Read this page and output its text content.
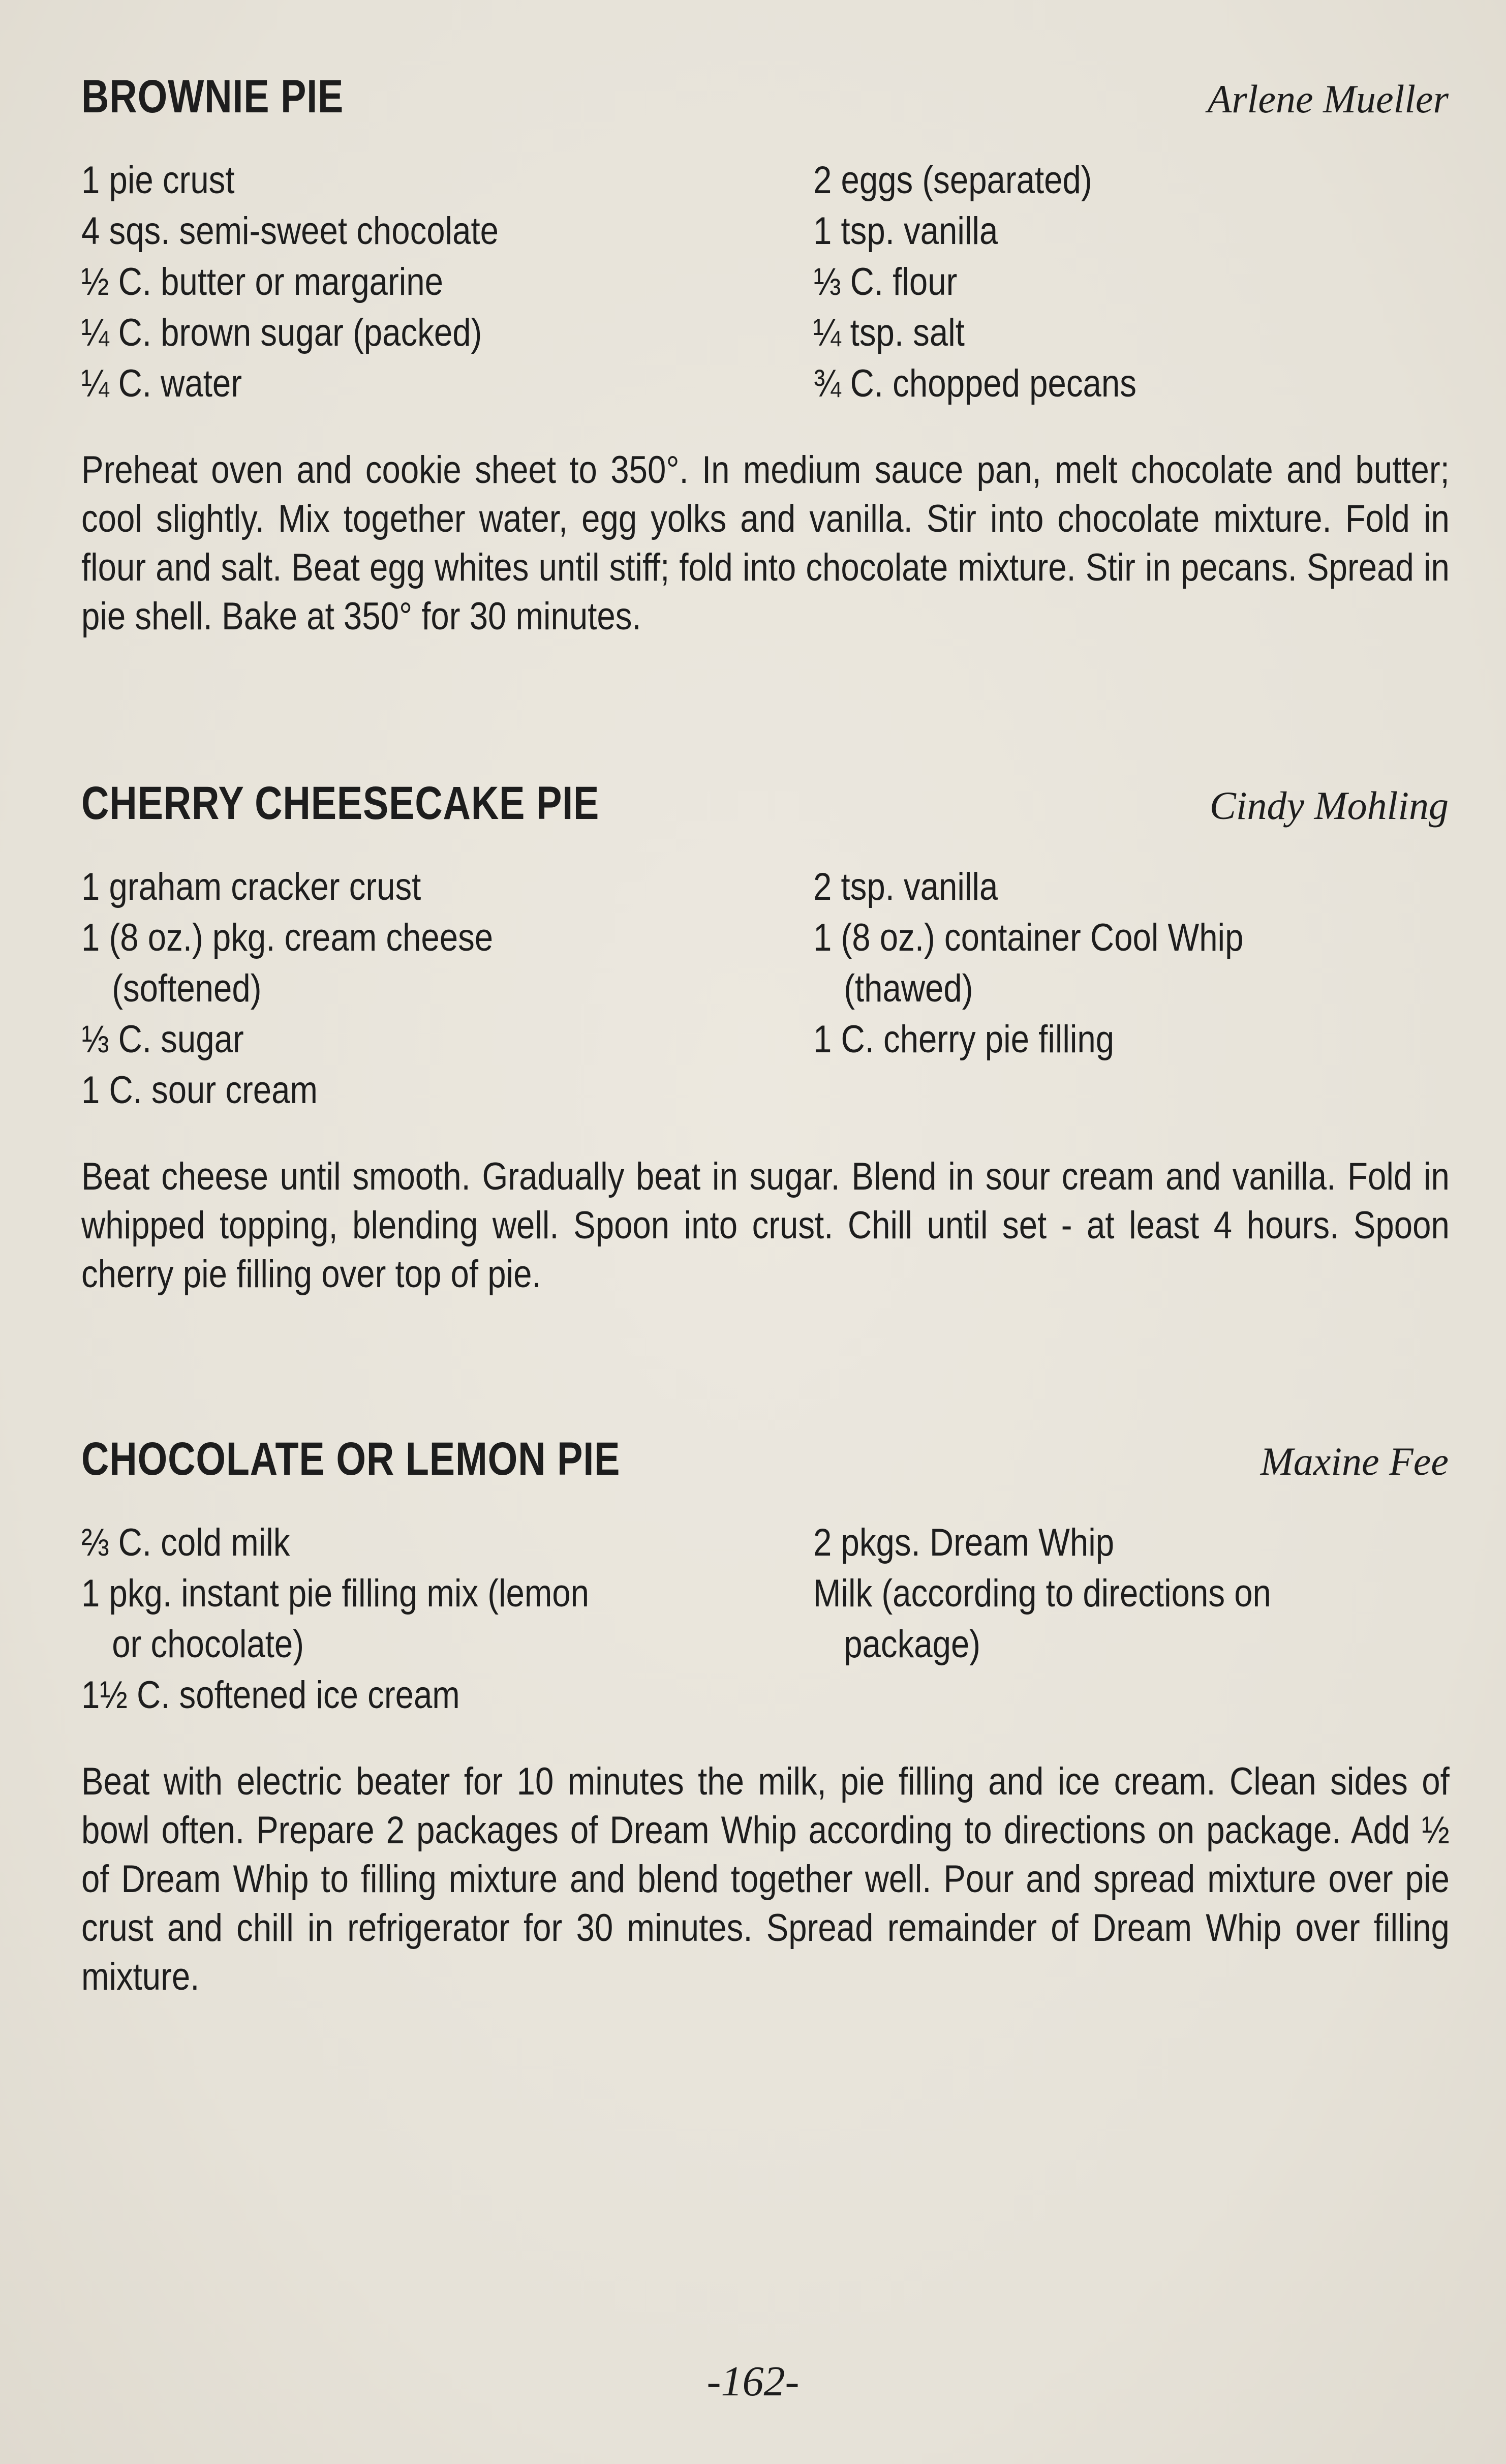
BROWNIE PIE	Arlene Mueller
1 pie crust
4 sqs. semi-sweet chocolate
½ C. butter or margarine
¼ C. brown sugar (packed)
¼ C. water
2 eggs (separated)
1 tsp. vanilla
⅓ C. flour
¼ tsp. salt
¾ C. chopped pecans

Preheat oven and cookie sheet to 350°. In medium sauce pan, melt chocolate and butter; cool slightly. Mix together water, egg yolks and vanilla. Stir into chocolate mixture. Fold in flour and salt. Beat egg whites until stiff; fold into chocolate mixture. Stir in pecans. Spread in pie shell. Bake at 350° for 30 minutes.

CHERRY CHEESECAKE PIE	Cindy Mohling
1 graham cracker crust
1 (8 oz.) pkg. cream cheese
(softened)
⅓ C. sugar
1 C. sour cream
2 tsp. vanilla
1 (8 oz.) container Cool Whip
(thawed)
1 C. cherry pie filling

Beat cheese until smooth. Gradually beat in sugar. Blend in sour cream and vanilla. Fold in whipped topping, blending well. Spoon into crust. Chill until set - at least 4 hours. Spoon cherry pie filling over top of pie.

CHOCOLATE OR LEMON PIE	Maxine Fee
⅔ C. cold milk
1 pkg. instant pie filling mix (lemon
or chocolate)
1½ C. softened ice cream
2 pkgs. Dream Whip
Milk (according to directions on
package)

Beat with electric beater for 10 minutes the milk, pie filling and ice cream. Clean sides of bowl often. Prepare 2 packages of Dream Whip according to directions on package. Add ½ of Dream Whip to filling mixture and blend together well. Pour and spread mixture over pie crust and chill in refrigerator for 30 minutes. Spread remainder of Dream Whip over filling mixture.

-162-
